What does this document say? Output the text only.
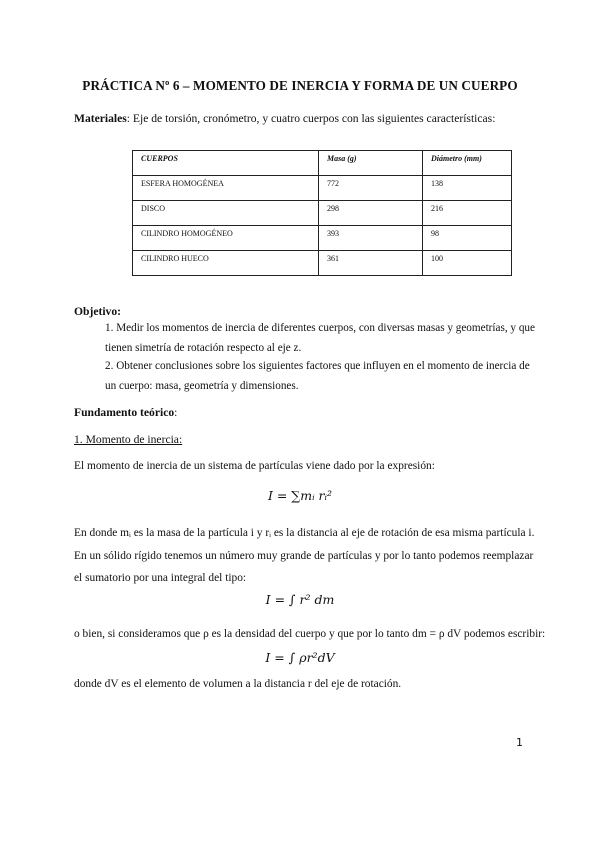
PRÁCTICA Nº 6 – MOMENTO DE INERCIA Y FORMA DE UN CUERPO
Materiales: Eje de torsión, cronómetro, y cuatro cuerpos con las siguientes características:
CUERPOS	Masa (g)	Diámetro (mm)
ESFERA HOMOGÉNEA	772	138
DISCO	298	216
CILINDRO HOMOGÉNEO	393	98
CILINDRO HUECO	361	100
Objetivo:
1. Medir los momentos de inercia de diferentes cuerpos, con diversas masas y geometrías, y que tienen simetría de rotación respecto al eje z.
2. Obtener conclusiones sobre los siguientes factores que influyen en el momento de inercia de un cuerpo: masa, geometría y dimensiones.
Fundamento teórico:
1. Momento de inercia:
El momento de inercia de un sistema de partículas viene dado por la expresión:
I = ∑mᵢ rᵢ²
En donde mᵢ es la masa de la partícula i y rᵢ es la distancia al eje de rotación de esa misma partícula i.
En un sólido rígido tenemos un número muy grande de partículas y por lo tanto podemos reemplazar
el sumatorio por una integral del tipo:
I = ∫ r² dm
o bien, si consideramos que ρ es la densidad del cuerpo y que por lo tanto dm = ρ dV podemos escribir:
I = ∫ ρr²dV
donde dV es el elemento de volumen a la distancia r del eje de rotación.
1
